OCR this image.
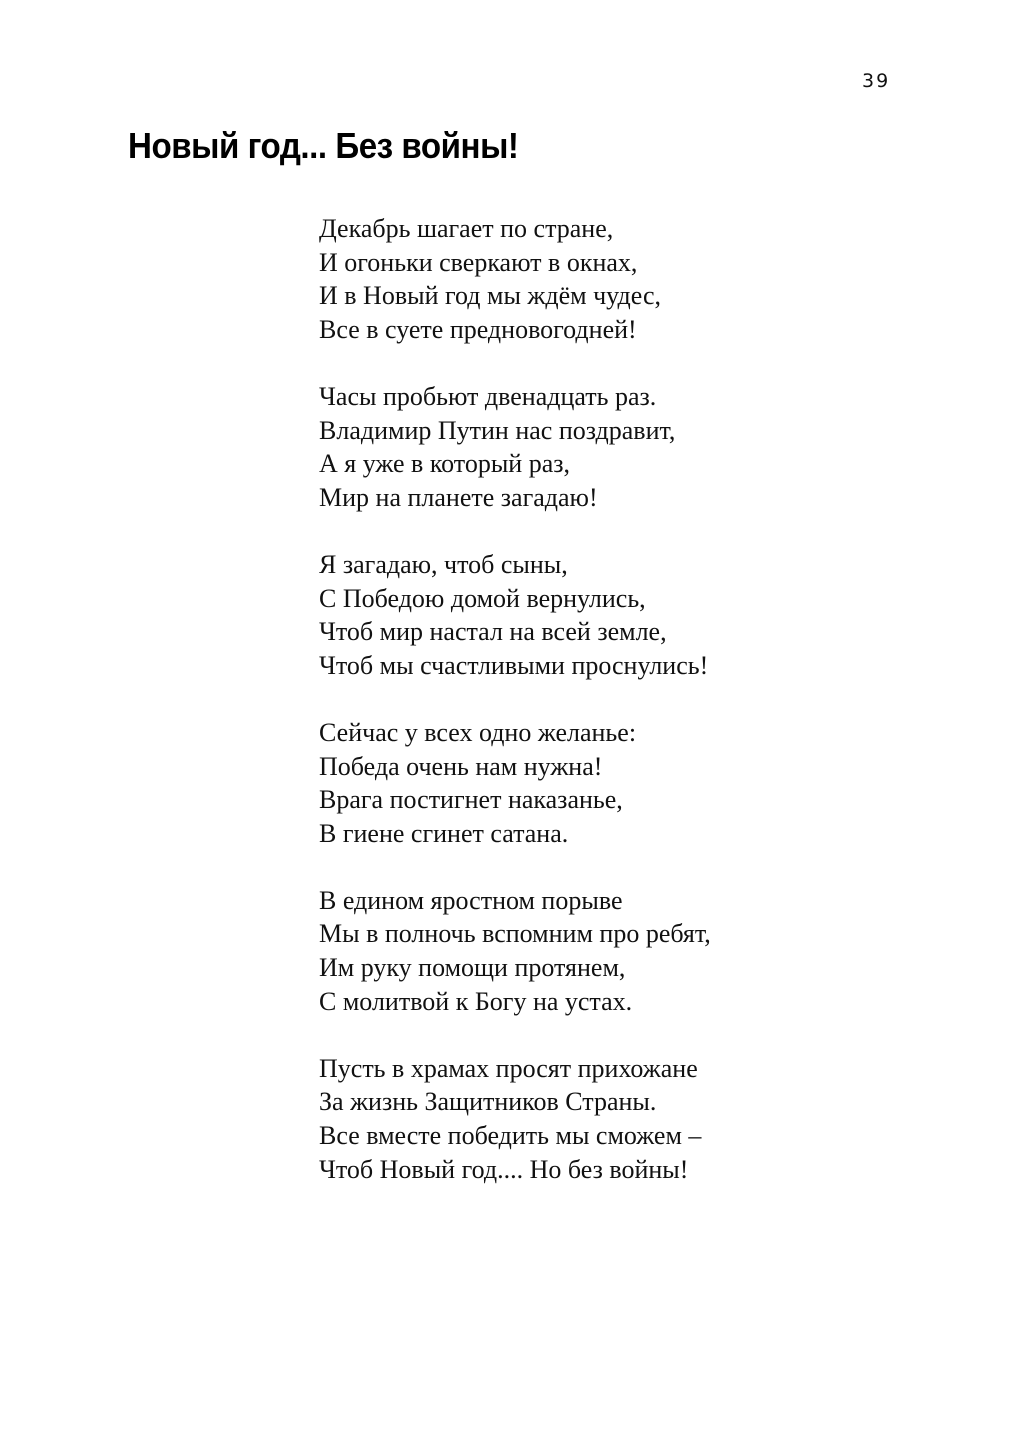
39
Новый год... Без войны!
Декабрь шагает по стране,
И огоньки сверкают в окнах,
И в Новый год мы ждём чудес,
Все в суете предновогодней!
Часы пробьют двенадцать раз.
Владимир Путин нас поздравит,
А я уже в который раз,
Мир на планете загадаю!
Я загадаю, чтоб сыны,
С Победою домой вернулись,
Чтоб мир настал на всей земле,
Чтоб мы счастливыми проснулись!
Сейчас у всех одно желанье:
Победа очень нам нужна!
Врага постигнет наказанье,
В гиене сгинет сатана.
В едином яростном порыве
Мы в полночь вспомним про ребят,
Им руку помощи протянем,
С молитвой к Богу на устах.
Пусть в храмах просят прихожане
За жизнь Защитников Страны.
Все вместе победить мы сможем –
Чтоб Новый год.... Но без войны!
